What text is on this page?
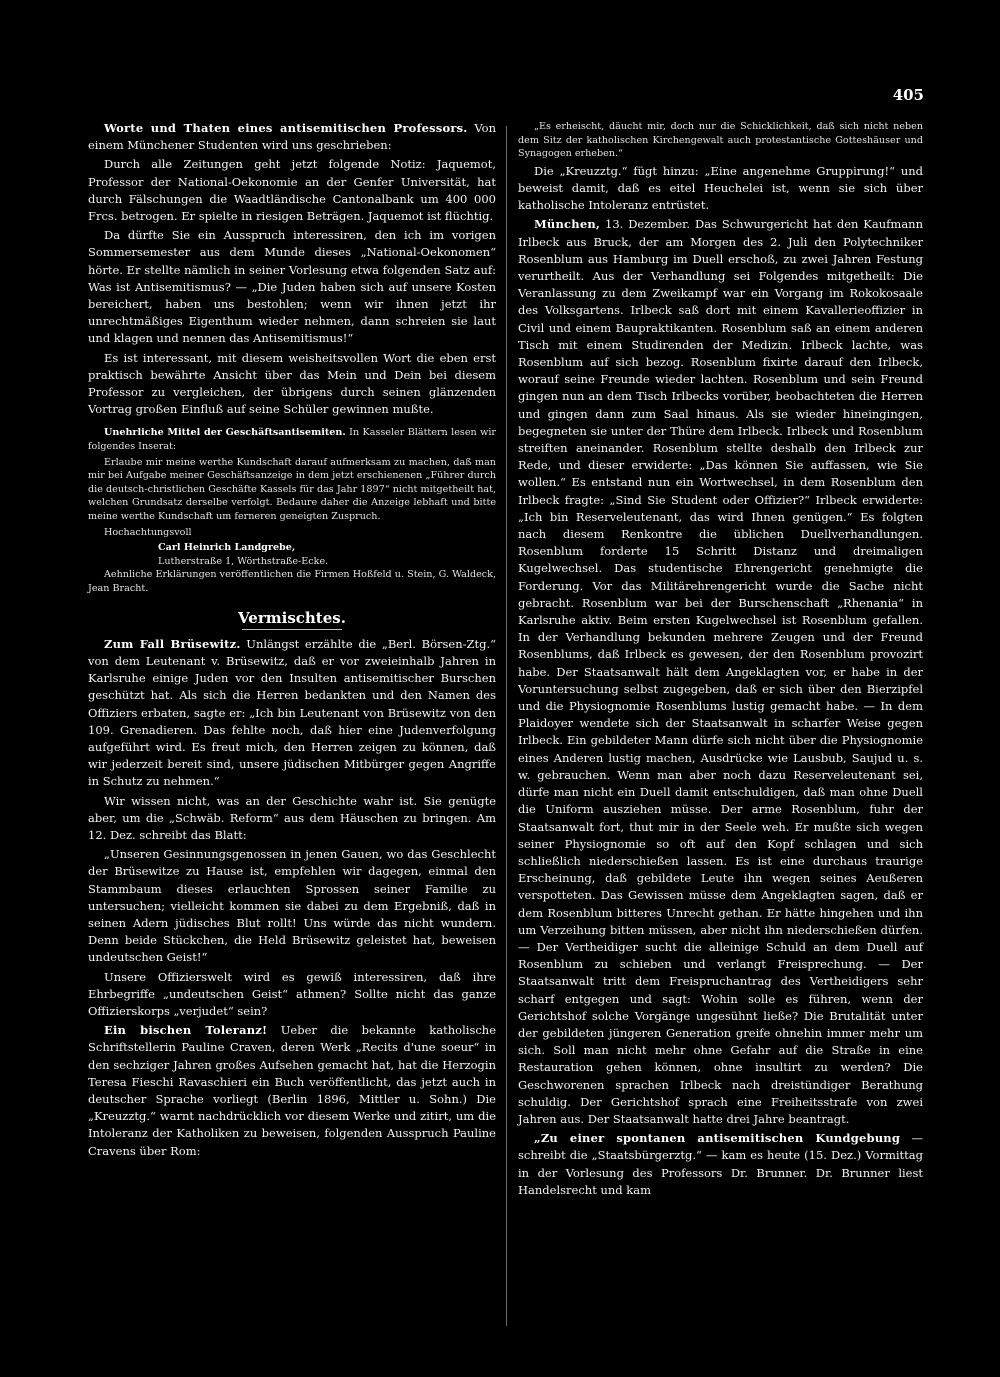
405

Worte und Thaten eines antisemitischen Professors. Von einem Münchener Studenten wird uns geschrieben:

Durch alle Zeitungen geht jetzt folgende Notiz: Jaquemot, Professor der National-Oekonomie an der Genfer Universität, hat durch Fälschungen die Waadtländische Cantonalbank um 400 000 Frcs. betrogen. Er spielte in riesigen Beträgen. Jaquemot ist flüchtig.

Da dürfte Sie ein Ausspruch interessiren, den ich im vorigen Sommersemester aus dem Munde dieses „National-Oekonomen“ hörte. Er stellte nämlich in seiner Vorlesung etwa folgenden Satz auf: Was ist Antisemitismus? — „Die Juden haben sich auf unsere Kosten bereichert, haben uns bestohlen; wenn wir ihnen jetzt ihr unrechtmäßiges Eigenthum wieder nehmen, dann schreien sie laut und klagen und nennen das Antisemitismus!“

Es ist interessant, mit diesem weisheitsvollen Wort die eben erst praktisch bewährte Ansicht über das Mein und Dein bei diesem Professor zu vergleichen, der übrigens durch seinen glänzenden Vortrag großen Einfluß auf seine Schüler gewinnen mußte.

Unehrliche Mittel der Geschäftsantisemiten. In Kasseler Blättern lesen wir folgendes Inserat:

Erlaube mir meine werthe Kundschaft darauf aufmerksam zu machen, daß man mir bei Aufgabe meiner Geschäftsanzeige in dem jetzt erschienenen „Führer durch die deutsch-christlichen Geschäfte Kassels für das Jahr 1897“ nicht mitgetheilt hat, welchen Grundsatz derselbe verfolgt. Bedaure daher die Anzeige lebhaft und bitte meine werthe Kundschaft um ferneren geneigten Zuspruch.

Hochachtungsvoll

Carl Heinrich Landgrebe,

Lutherstraße 1, Wörthstraße-Ecke.

Aehnliche Erklärungen veröffentlichen die Firmen Hoßfeld u. Stein, G. Waldeck, Jean Bracht.

Vermischtes.

Zum Fall Brüsewitz. Unlängst erzählte die „Berl. Börsen-Ztg.“ von dem Leutenant v. Brüsewitz, daß er vor zweieinhalb Jahren in Karlsruhe einige Juden vor den Insulten antisemitischer Burschen geschützt hat. Als sich die Herren bedankten und den Namen des Offiziers erbaten, sagte er: „Ich bin Leutenant von Brüsewitz von den 109. Grenadieren. Das fehlte noch, daß hier eine Judenverfolgung aufgeführt wird. Es freut mich, den Herren zeigen zu können, daß wir jederzeit bereit sind, unsere jüdischen Mitbürger gegen Angriffe in Schutz zu nehmen.“

Wir wissen nicht, was an der Geschichte wahr ist. Sie genügte aber, um die „Schwäb. Reform“ aus dem Häuschen zu bringen. Am 12. Dez. schreibt das Blatt:

„Unseren Gesinnungsgenossen in jenen Gauen, wo das Geschlecht der Brüsewitze zu Hause ist, empfehlen wir dagegen, einmal den Stammbaum dieses erlauchten Sprossen seiner Familie zu untersuchen; vielleicht kommen sie dabei zu dem Ergebniß, daß in seinen Adern jüdisches Blut rollt! Uns würde das nicht wundern. Denn beide Stückchen, die Held Brüsewitz geleistet hat, beweisen undeutschen Geist!“

Unsere Offizierswelt wird es gewiß interessiren, daß ihre Ehrbegriffe „undeutschen Geist“ athmen? Sollte nicht das ganze Offizierskorps „verjudet“ sein?

Ein bischen Toleranz! Ueber die bekannte katholische Schriftstellerin Pauline Craven, deren Werk „Recits d'une soeur“ in den sechziger Jahren großes Aufsehen gemacht hat, hat die Herzogin Teresa Fieschi Ravaschieri ein Buch veröffentlicht, das jetzt auch in deutscher Sprache vorliegt (Berlin 1896, Mittler u. Sohn.) Die „Kreuzztg.“ warnt nachdrücklich vor diesem Werke und zitirt, um die Intoleranz der Katholiken zu beweisen, folgenden Ausspruch Pauline Cravens über Rom:

„Es erheischt, däucht mir, doch nur die Schicklichkeit, daß sich nicht neben dem Sitz der katholischen Kirchengewalt auch protestantische Gotteshäuser und Synagogen erheben.“

Die „Kreuzztg.“ fügt hinzu: „Eine angenehme Gruppirung!“ und beweist damit, daß es eitel Heuchelei ist, wenn sie sich über katholische Intoleranz entrüstet.

München, 13. Dezember. Das Schwurgericht hat den Kaufmann Irlbeck aus Bruck, der am Morgen des 2. Juli den Polytechniker Rosenblum aus Hamburg im Duell erschoß, zu zwei Jahren Festung verurtheilt. Aus der Verhandlung sei Folgendes mitgetheilt: Die Veranlassung zu dem Zweikampf war ein Vorgang im Rokokosaale des Volksgartens. Irlbeck saß dort mit einem Kavallerieoffizier in Civil und einem Baupraktikanten. Rosenblum saß an einem anderen Tisch mit einem Studirenden der Medizin. Irlbeck lachte, was Rosenblum auf sich bezog. Rosenblum fixirte darauf den Irlbeck, worauf seine Freunde wieder lachten. Rosenblum und sein Freund gingen nun an dem Tisch Irlbecks vorüber, beobachteten die Herren und gingen dann zum Saal hinaus. Als sie wieder hineingingen, begegneten sie unter der Thüre dem Irlbeck. Irlbeck und Rosenblum streiften aneinander. Rosenblum stellte deshalb den Irlbeck zur Rede, und dieser erwiderte: „Das können Sie auffassen, wie Sie wollen.“ Es entstand nun ein Wortwechsel, in dem Rosenblum den Irlbeck fragte: „Sind Sie Student oder Offizier?“ Irlbeck erwiderte: „Ich bin Reserveleutenant, das wird Ihnen genügen.“ Es folgten nach diesem Renkontre die üblichen Duellverhandlungen. Rosenblum forderte 15 Schritt Distanz und dreimaligen Kugelwechsel. Das studentische Ehrengericht genehmigte die Forderung. Vor das Militärehrengericht wurde die Sache nicht gebracht. Rosenblum war bei der Burschenschaft „Rhenania“ in Karlsruhe aktiv. Beim ersten Kugelwechsel ist Rosenblum gefallen. In der Verhandlung bekunden mehrere Zeugen und der Freund Rosenblums, daß Irlbeck es gewesen, der den Rosenblum provozirt habe. Der Staatsanwalt hält dem Angeklagten vor, er habe in der Voruntersuchung selbst zugegeben, daß er sich über den Bierzipfel und die Physiognomie Rosenblums lustig gemacht habe. — In dem Plaidoyer wendete sich der Staatsanwalt in scharfer Weise gegen Irlbeck. Ein gebildeter Mann dürfe sich nicht über die Physiognomie eines Anderen lustig machen, Ausdrücke wie Lausbub, Saujud u. s. w. gebrauchen. Wenn man aber noch dazu Reserveleutenant sei, dürfe man nicht ein Duell damit entschuldigen, daß man ohne Duell die Uniform ausziehen müsse. Der arme Rosenblum, fuhr der Staatsanwalt fort, thut mir in der Seele weh. Er mußte sich wegen seiner Physiognomie so oft auf den Kopf schlagen und sich schließlich niederschießen lassen. Es ist eine durchaus traurige Erscheinung, daß gebildete Leute ihn wegen seines Aeußeren verspotteten. Das Gewissen müsse dem Angeklagten sagen, daß er dem Rosenblum bitteres Unrecht gethan. Er hätte hingehen und ihn um Verzeihung bitten müssen, aber nicht ihn niederschießen dürfen. — Der Vertheidiger sucht die alleinige Schuld an dem Duell auf Rosenblum zu schieben und verlangt Freisprechung. — Der Staatsanwalt tritt dem Freispruchantrag des Vertheidigers sehr scharf entgegen und sagt: Wohin solle es führen, wenn der Gerichtshof solche Vorgänge ungesühnt ließe? Die Brutalität unter der gebildeten jüngeren Generation greife ohnehin immer mehr um sich. Soll man nicht mehr ohne Gefahr auf die Straße in eine Restauration gehen können, ohne insultirt zu werden? Die Geschworenen sprachen Irlbeck nach dreistündiger Berathung schuldig. Der Gerichtshof sprach eine Freiheitsstrafe von zwei Jahren aus. Der Staatsanwalt hatte drei Jahre beantragt.

„Zu einer spontanen antisemitischen Kundgebung — schreibt die „Staatsbürgerztg.“ — kam es heute (15. Dez.) Vormittag in der Vorlesung des Professors Dr. Brunner. Dr. Brunner liest Handelsrecht und kam
